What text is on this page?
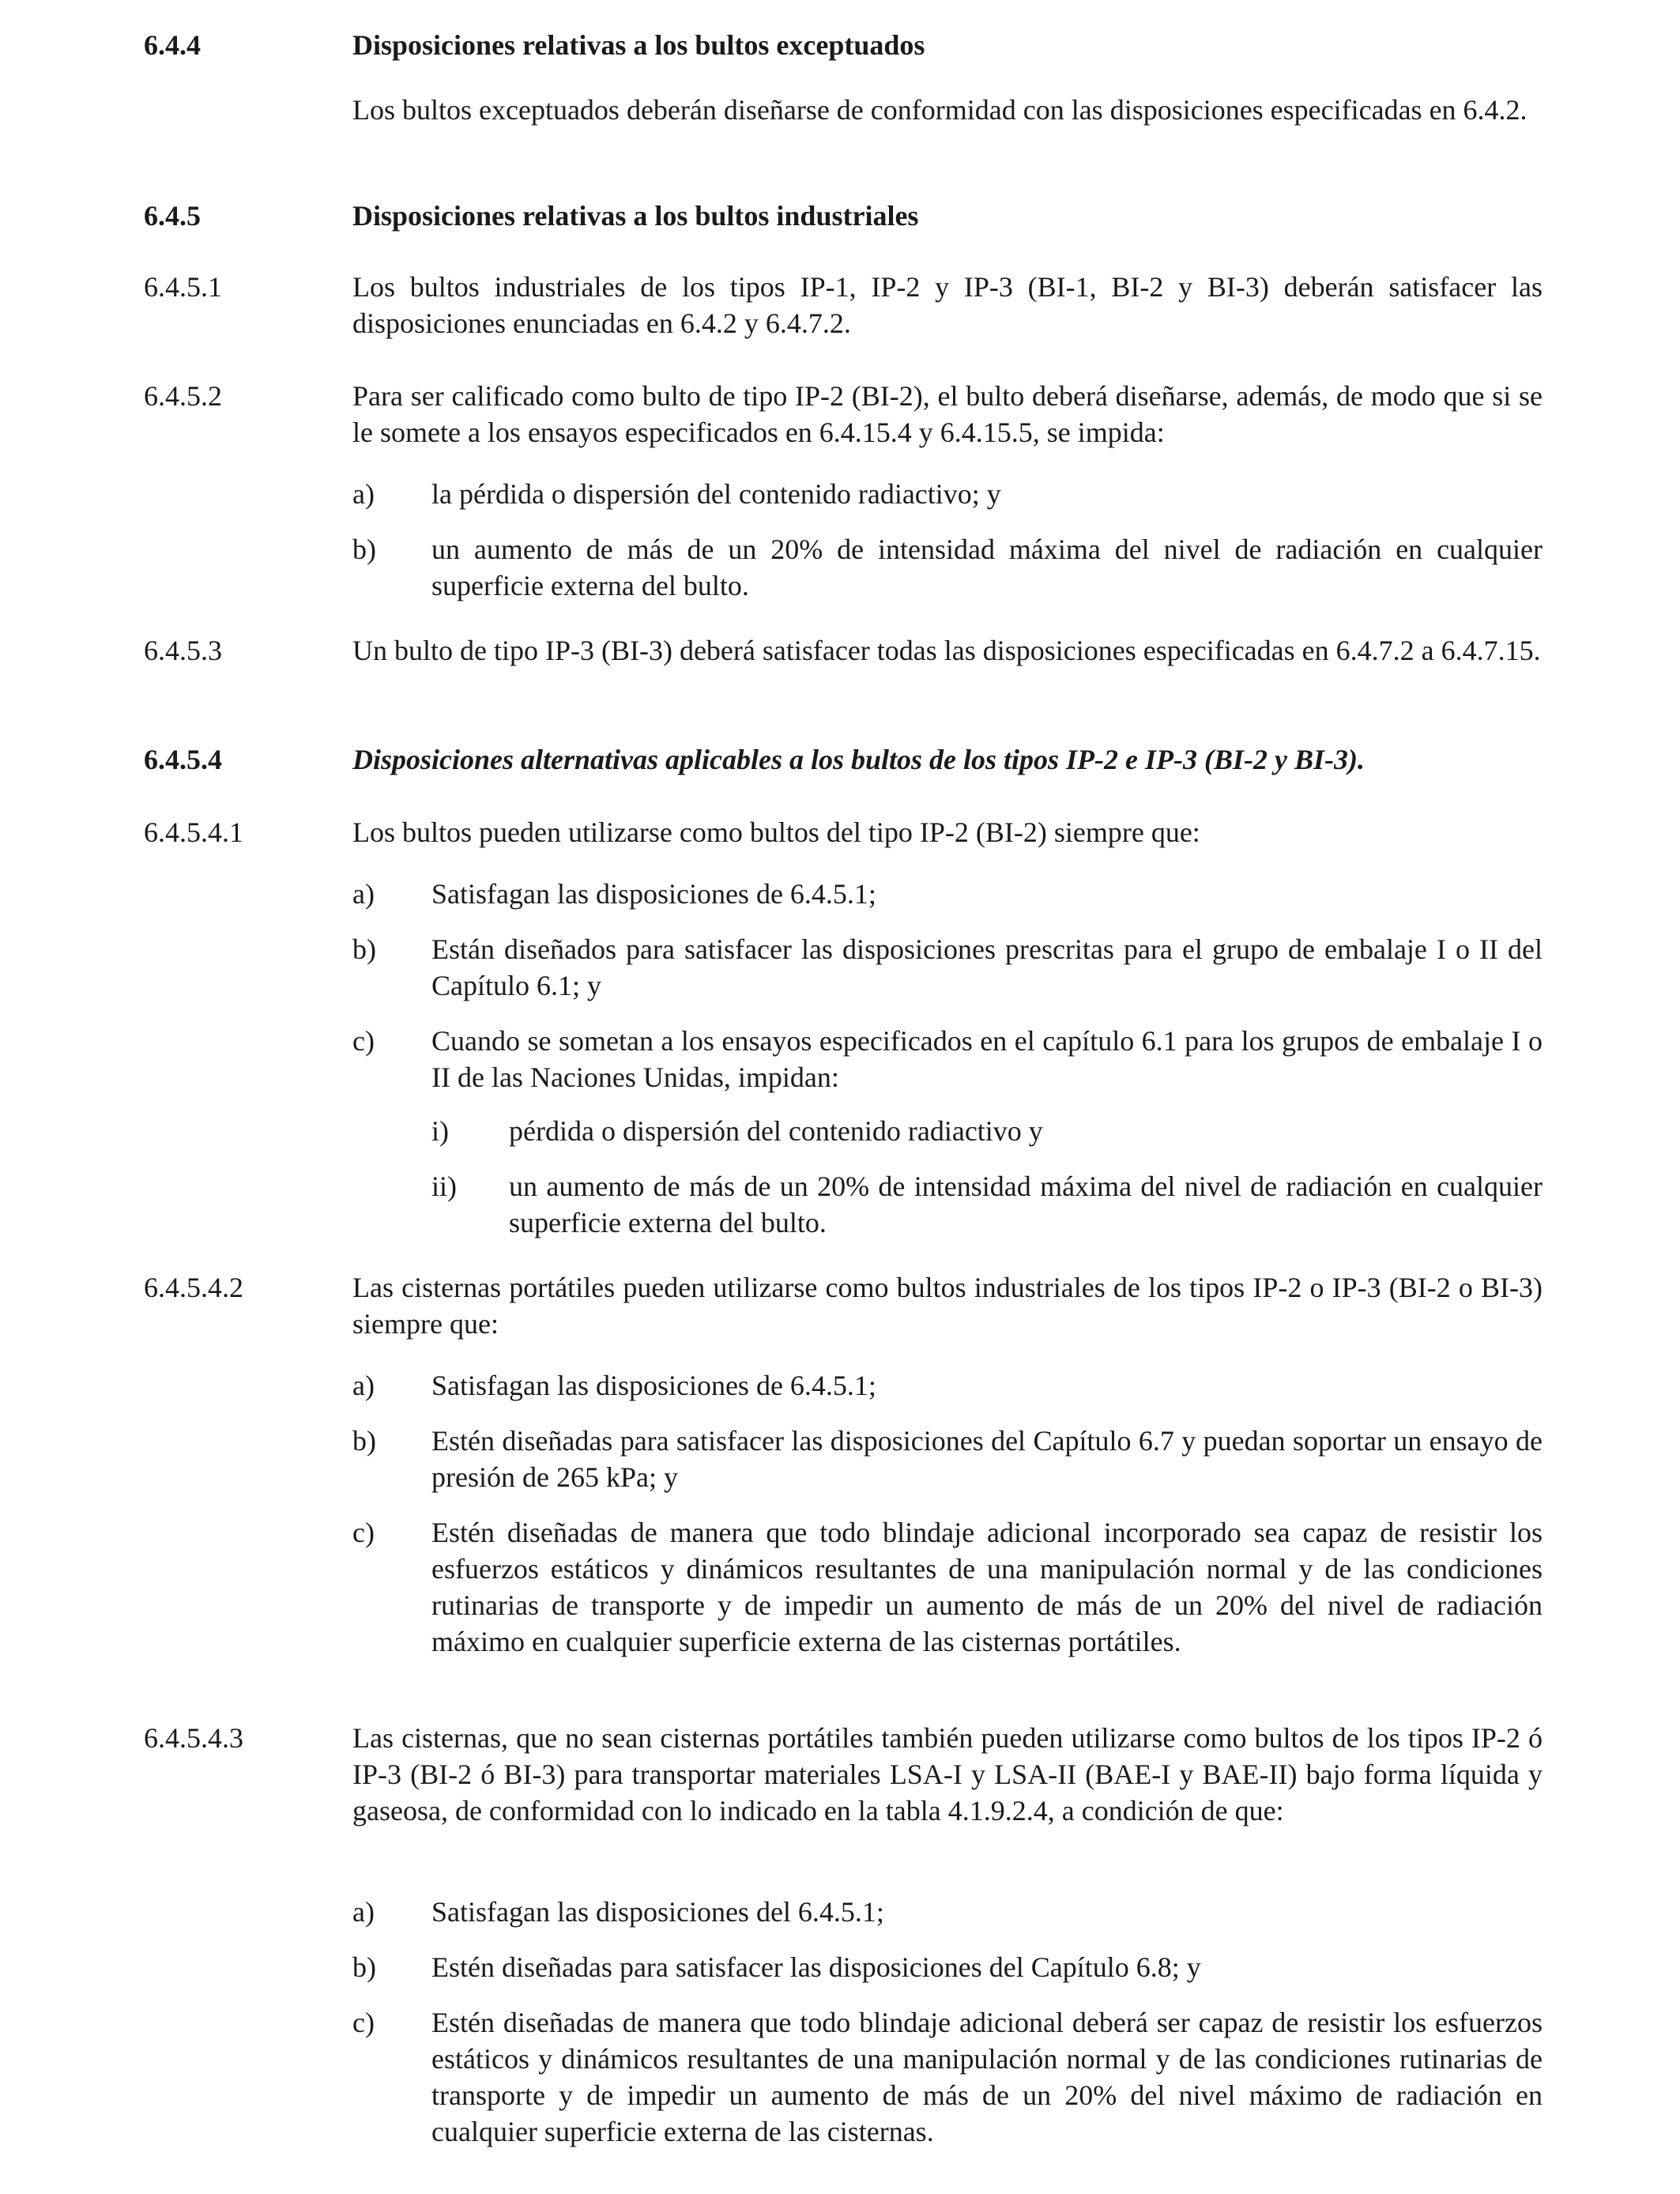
6.4.4	Disposiciones relativas a los bultos exceptuados
Los bultos exceptuados deberán diseñarse de conformidad con las disposiciones especificadas en 6.4.2.
6.4.5	Disposiciones relativas a los bultos industriales
6.4.5.1	Los bultos industriales de los tipos IP-1, IP-2 y IP-3 (BI-1, BI-2 y BI-3) deberán satisfacer las disposiciones enunciadas en 6.4.2 y 6.4.7.2.
6.4.5.2	Para ser calificado como bulto de tipo IP-2 (BI-2), el bulto deberá diseñarse, además, de modo que si se le somete a los ensayos especificados en 6.4.15.4 y 6.4.15.5, se impida:
a) la pérdida o dispersión del contenido radiactivo; y
b) un aumento de más de un 20% de intensidad máxima del nivel de radiación en cualquier superficie externa del bulto.
6.4.5.3	Un bulto de tipo IP-3 (BI-3) deberá satisfacer todas las disposiciones especificadas en 6.4.7.2 a 6.4.7.15.
6.4.5.4	Disposiciones alternativas aplicables a los bultos de los tipos IP-2 e IP-3 (BI-2 y BI-3).
6.4.5.4.1	Los bultos pueden utilizarse como bultos del tipo IP-2 (BI-2) siempre que:
a) Satisfagan las disposiciones de 6.4.5.1;
b) Están diseñados para satisfacer las disposiciones prescritas para el grupo de embalaje I o II del Capítulo 6.1; y
c) Cuando se sometan a los ensayos especificados en el capítulo 6.1 para los grupos de embalaje I o II de las Naciones Unidas, impidan:
i) pérdida o dispersión del contenido radiactivo y
ii) un aumento de más de un 20% de intensidad máxima del nivel de radiación en cualquier superficie externa del bulto.
6.4.5.4.2	Las cisternas portátiles pueden utilizarse como bultos industriales de los tipos IP-2 o IP-3 (BI-2 o BI-3) siempre que:
a) Satisfagan las disposiciones de 6.4.5.1;
b) Estén diseñadas para satisfacer las disposiciones del Capítulo 6.7 y puedan soportar un ensayo de presión de 265 kPa; y
c) Estén diseñadas de manera que todo blindaje adicional incorporado sea capaz de resistir los esfuerzos estáticos y dinámicos resultantes de una manipulación normal y de las condiciones rutinarias de transporte y de impedir un aumento de más de un 20% del nivel de radiación máximo en cualquier superficie externa de las cisternas portátiles.
6.4.5.4.3	Las cisternas, que no sean cisternas portátiles también pueden utilizarse como bultos de los tipos IP-2 ó IP-3 (BI-2 ó BI-3) para transportar materiales LSA-I y LSA-II (BAE-I y BAE-II) bajo forma líquida y gaseosa, de conformidad con lo indicado en la tabla 4.1.9.2.4, a condición de que:
a) Satisfagan las disposiciones del 6.4.5.1;
b) Estén diseñadas para satisfacer las disposiciones del Capítulo 6.8; y
c) Estén diseñadas de manera que todo blindaje adicional deberá ser capaz de resistir los esfuerzos estáticos y dinámicos resultantes de una manipulación normal y de las condiciones rutinarias de transporte y de impedir un aumento de más de un 20% del nivel máximo de radiación en cualquier superficie externa de las cisternas.
